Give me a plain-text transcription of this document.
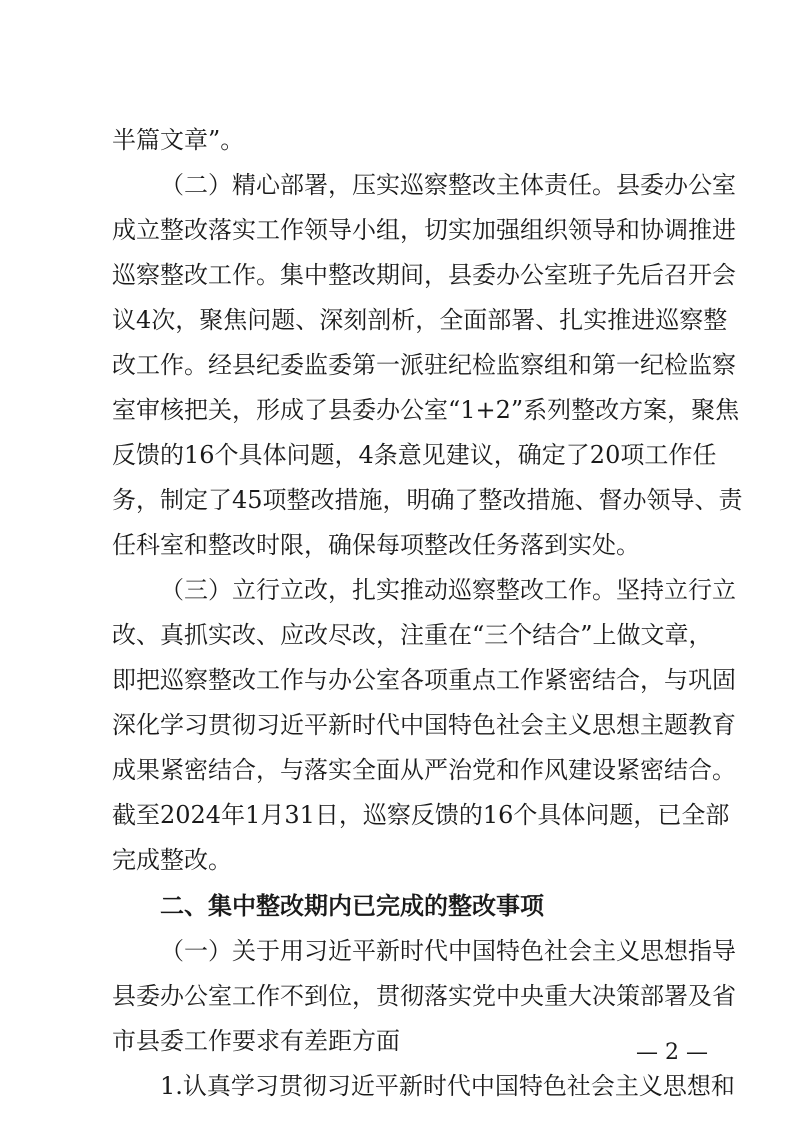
半篇文章”。
（二）精心部署，压实巡察整改主体责任。县委办公室
成立整改落实工作领导小组，切实加强组织领导和协调推进
巡察整改工作。集中整改期间，县委办公室班子先后召开会
议4次，聚焦问题、深刻剖析，全面部署、扎实推进巡察整
改工作。经县纪委监委第一派驻纪检监察组和第一纪检监察
室审核把关，形成了县委办公室“1+2”系列整改方案，聚焦
反馈的16个具体问题，4条意见建议，确定了20项工作任
务，制定了45项整改措施，明确了整改措施、督办领导、责
任科室和整改时限，确保每项整改任务落到实处。
（三）立行立改，扎实推动巡察整改工作。坚持立行立
改、真抓实改、应改尽改，注重在“三个结合”上做文章，
即把巡察整改工作与办公室各项重点工作紧密结合，与巩固
深化学习贯彻习近平新时代中国特色社会主义思想主题教育
成果紧密结合，与落实全面从严治党和作风建设紧密结合。
截至2024年1月31日，巡察反馈的16个具体问题，已全部
完成整改。
二、集中整改期内已完成的整改事项
（一）关于用习近平新时代中国特色社会主义思想指导
县委办公室工作不到位，贯彻落实党中央重大决策部署及省
市县委工作要求有差距方面
1.认真学习贯彻习近平新时代中国特色社会主义思想和
— 2 —
